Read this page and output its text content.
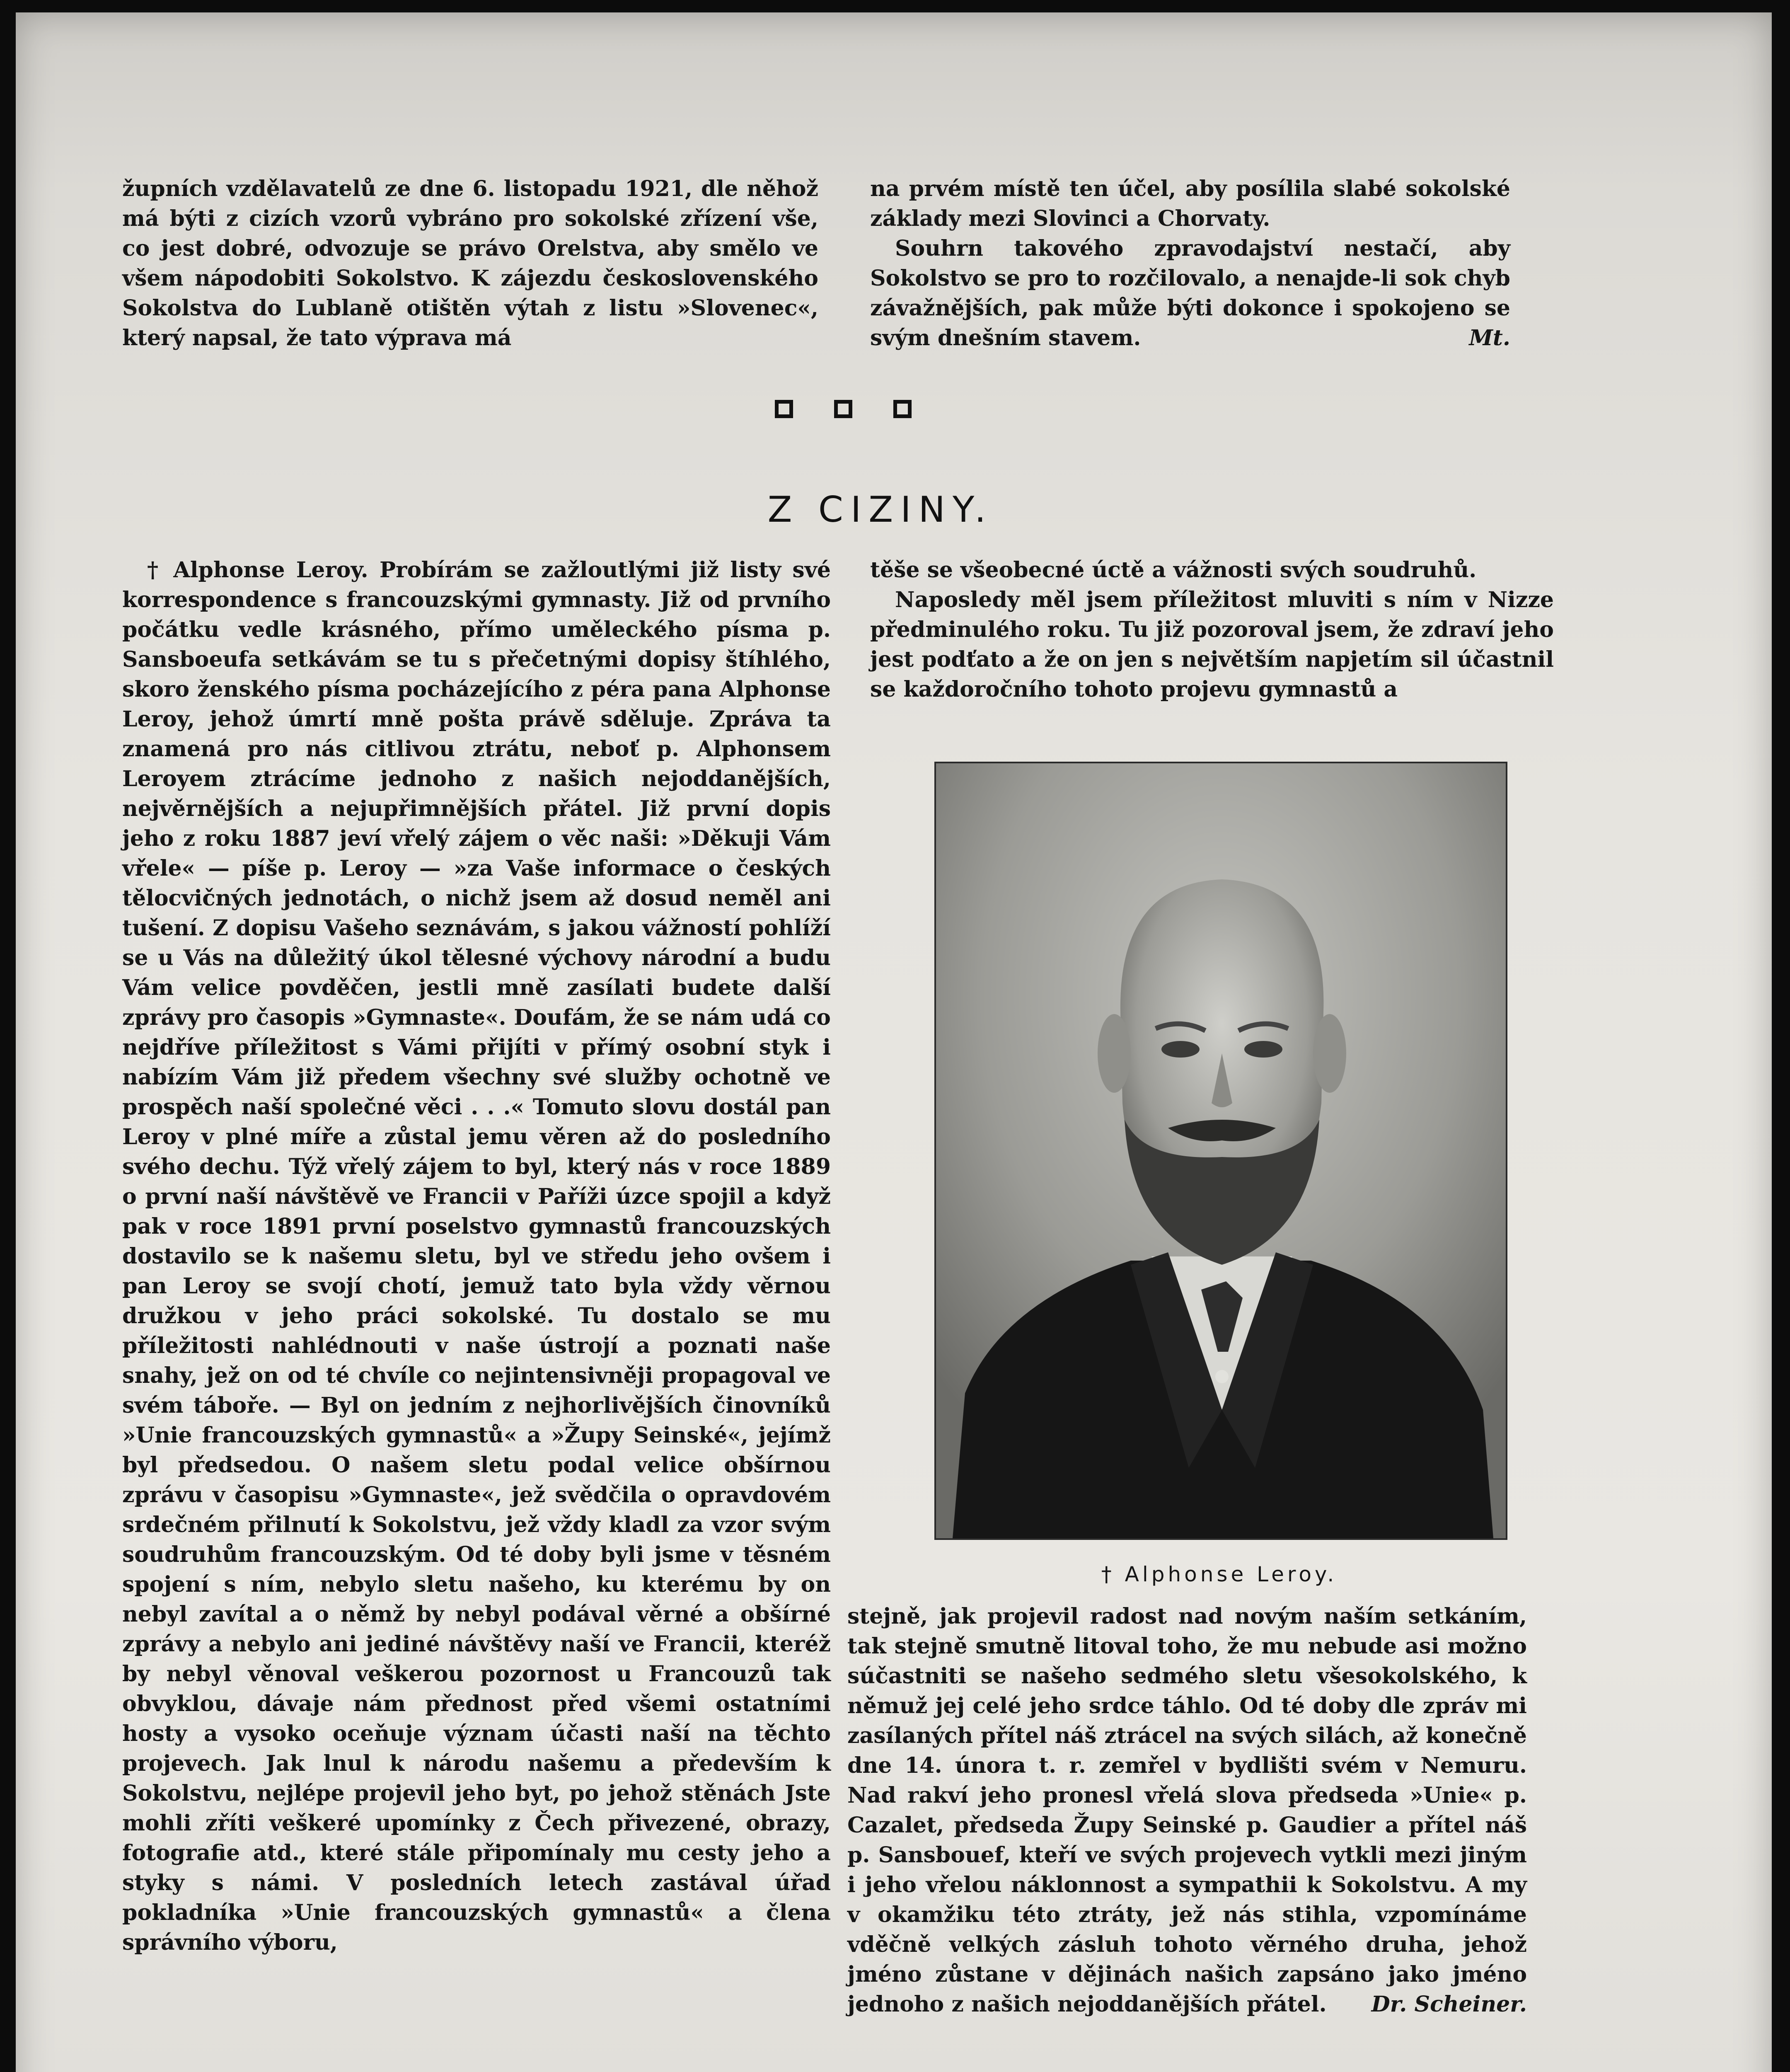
župních vzdělavatelů ze dne 6. listopadu 1921, dle něhož má býti z cizích vzorů vybráno pro sokolské zřízení vše, co jest dobré, odvozuje se právo Orelstva, aby smělo ve všem nápodobiti Sokolstvo. K zájezdu československého Sokolstva do Lublaně otištěn výtah z listu »Slovenec«, který napsal, že tato výprava má

na prvém místě ten účel, aby posílila slabé sokolské základy mezi Slovinci a Chorvaty.

Souhrn takového zpravodajství nestačí, aby Sokolstvo se pro to rozčilovalo, a nenajde-li sok chyb závažnějších, pak může býti dokonce i spokojeno se svým dnešním stavem.	Mt.

Z CIZINY.

† Alphonse Leroy. Probírám se zažloutlými již listy své korrespondence s francouzskými gymnasty. Již od prvního počátku vedle krásného, přímo uměleckého písma p. Sansboeufa setkávám se tu s přečetnými dopisy štíhlého, skoro ženského písma pocházejícího z péra pana Alphonse Leroy, jehož úmrtí mně pošta právě sděluje. Zpráva ta znamená pro nás citlivou ztrátu, neboť p. Alphonsem Leroyem ztrácíme jednoho z našich nejoddanějších, nejvěrnějších a nejupřimnějších přátel. Již první dopis jeho z roku 1887 jeví vřelý zájem o věc naši: »Děkuji Vám vřele« — píše p. Leroy — »za Vaše informace o českých tělocvičných jednotách, o nichž jsem až dosud neměl ani tušení. Z dopisu Vašeho seznávám, s jakou vážností pohlíží se u Vás na důležitý úkol tělesné výchovy národní a budu Vám velice povděčen, jestli mně zasílati budete další zprávy pro časopis »Gymnaste«. Doufám, že se nám udá co nejdříve příležitost s Vámi přijíti v přímý osobní styk i nabízím Vám již předem všechny své služby ochotně ve prospěch naší společné věci . . .« Tomuto slovu dostál pan Leroy v plné míře a zůstal jemu věren až do posledního svého dechu. Týž vřelý zájem to byl, který nás v roce 1889 o první naší návštěvě ve Francii v Paříži úzce spojil a když pak v roce 1891 první poselstvo gymnastů francouzských dostavilo se k našemu sletu, byl ve středu jeho ovšem i pan Leroy se svojí chotí, jemuž tato byla vždy věrnou družkou v jeho práci sokolské. Tu dostalo se mu příležitosti nahlédnouti v naše ústrojí a poznati naše snahy, jež on od té chvíle co nejintensivněji propagoval ve svém táboře. — Byl on jedním z nejhorlivějších činovníků »Unie francouzských gymnastů« a »Župy Seinské«, jejímž byl předsedou. O našem sletu podal velice obšírnou zprávu v časopisu »Gymnaste«, jež svědčila o opravdovém srdečném přilnutí k Sokolstvu, jež vždy kladl za vzor svým soudruhům francouzským. Od té doby byli jsme v těsném spojení s ním, nebylo sletu našeho, ku kterému by on nebyl zavítal a o němž by nebyl podával věrné a obšírné zprávy a nebylo ani jediné návštěvy naší ve Francii, kteréž by nebyl věnoval veškerou pozornost u Francouzů tak obvyklou, dávaje nám přednost před všemi ostatními hosty a vysoko oceňuje význam účasti naší na těchto projevech. Jak lnul k národu našemu a především k Sokolstvu, nejlépe projevil jeho byt, po jehož stěnách Jste mohli zříti veškeré upomínky z Čech přivezené, obrazy, fotografie atd., které stále připomínaly mu cesty jeho a styky s námi. V posledních letech zastával úřad pokladníka »Unie francouzských gymnastů« a člena správního výboru,

těše se všeobecné úctě a vážnosti svých soudruhů.

Naposledy měl jsem příležitost mluviti s ním v Nizze předminulého roku. Tu již pozoroval jsem, že zdraví jeho jest podťato a že on jen s největším napjetím sil účastnil se každoročního tohoto projevu gymnastů a

† Alphonse Leroy.

stejně, jak projevil radost nad novým naším setkáním, tak stejně smutně litoval toho, že mu nebude asi možno súčastniti se našeho sedmého sletu všesokolského, k němuž jej celé jeho srdce táhlo. Od té doby dle zpráv mi zasílaných přítel náš ztrácel na svých silách, až konečně dne 14. února t. r. zemřel v bydlišti svém v Nemuru. Nad rakví jeho pronesl vřelá slova předseda »Unie« p. Cazalet, předseda Župy Seinské p. Gaudier a přítel náš p. Sansbouef, kteří ve svých projevech vytkli mezi jiným i jeho vřelou náklonnost a sympathii k Sokolstvu. A my v okamžiku této ztráty, jež nás stihla, vzpomínáme vděčně velkých zásluh tohoto věrného druha, jehož jméno zůstane v dějinách našich zapsáno jako jméno jednoho z našich nejoddanějších přátel. Dr. Scheiner.
